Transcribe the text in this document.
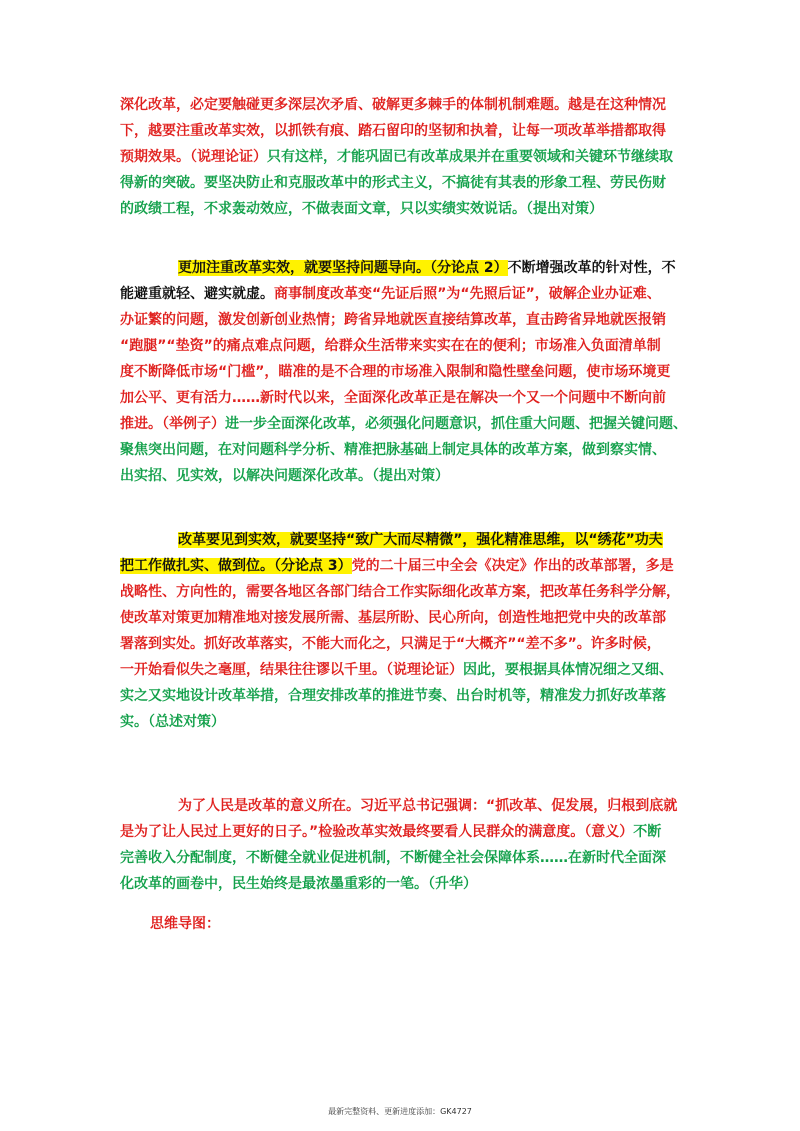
深化改革，必定要触碰更多深层次矛盾、破解更多棘手的体制机制难题。越是在这种情况
下，越要注重改革实效，以抓铁有痕、踏石留印的坚韧和执着，让每一项改革举措都取得
预期效果。（说理论证）只有这样，才能巩固已有改革成果并在重要领域和关键环节继续取
得新的突破。要坚决防止和克服改革中的形式主义，不搞徒有其表的形象工程、劳民伤财
的政绩工程，不求轰动效应，不做表面文章，只以实绩实效说话。（提出对策）
更加注重改革实效，就要坚持问题导向。（分论点 2）不断增强改革的针对性，不
能避重就轻、避实就虚。商事制度改革变“先证后照”为“先照后证”，破解企业办证难、
办证繁的问题，激发创新创业热情；跨省异地就医直接结算改革，直击跨省异地就医报销
“跑腿”“垫资”的痛点难点问题，给群众生活带来实实在在的便利；市场准入负面清单制
度不断降低市场“门槛”，瞄准的是不合理的市场准入限制和隐性壁垒问题，使市场环境更
加公平、更有活力……新时代以来，全面深化改革正是在解决一个又一个问题中不断向前
推进。（举例子）进一步全面深化改革，必须强化问题意识，抓住重大问题、把握关键问题、
聚焦突出问题，在对问题科学分析、精准把脉基础上制定具体的改革方案，做到察实情、
出实招、见实效，以解决问题深化改革。（提出对策）
改革要见到实效，就要坚持“致广大而尽精微”，强化精准思维，以“绣花”功夫
把工作做扎实、做到位。（分论点 3）党的二十届三中全会《决定》作出的改革部署，多是
战略性、方向性的，需要各地区各部门结合工作实际细化改革方案，把改革任务科学分解，
使改革对策更加精准地对接发展所需、基层所盼、民心所向，创造性地把党中央的改革部
署落到实处。抓好改革落实，不能大而化之，只满足于“大概齐”“差不多”。许多时候，
一开始看似失之毫厘，结果往往谬以千里。（说理论证）因此，要根据具体情况细之又细、
实之又实地设计改革举措，合理安排改革的推进节奏、出台时机等，精准发力抓好改革落
实。（总述对策）
为了人民是改革的意义所在。习近平总书记强调：“抓改革、促发展，归根到底就
是为了让人民过上更好的日子。”检验改革实效最终要看人民群众的满意度。（意义）不断
完善收入分配制度，不断健全就业促进机制，不断健全社会保障体系……在新时代全面深
化改革的画卷中，民生始终是最浓墨重彩的一笔。（升华）
思维导图：
最新完整资料、更新进度添加：GK4727
